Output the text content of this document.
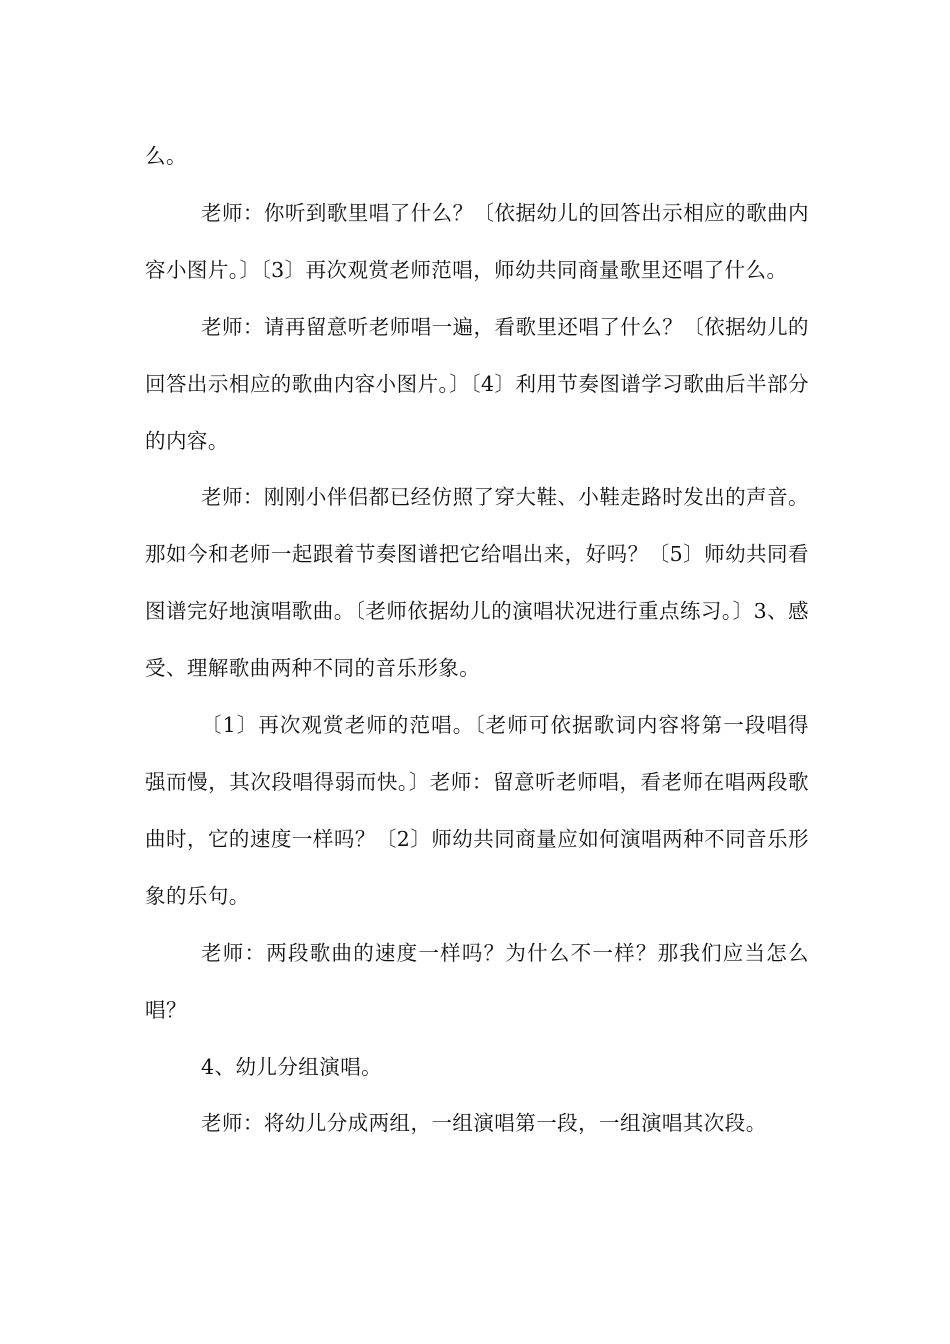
么。

老师：你听到歌里唱了什么？〔依据幼儿的回答出示相应的歌曲内容小图片。〕〔3〕再次观赏老师范唱，师幼共同商量歌里还唱了什么。

老师：请再留意听老师唱一遍，看歌里还唱了什么？〔依据幼儿的回答出示相应的歌曲内容小图片。〕〔4〕利用节奏图谱学习歌曲后半部分的内容。

老师：刚刚小伴侣都已经仿照了穿大鞋、小鞋走路时发出的声音。那如今和老师一起跟着节奏图谱把它给唱出来，好吗？〔5〕师幼共同看图谱完好地演唱歌曲。〔老师依据幼儿的演唱状况进行重点练习。〕3、感受、理解歌曲两种不同的音乐形象。

〔1〕再次观赏老师的范唱。〔老师可依据歌词内容将第一段唱得强而慢，其次段唱得弱而快。〕老师：留意听老师唱，看老师在唱两段歌曲时，它的速度一样吗？〔2〕师幼共同商量应如何演唱两种不同音乐形象的乐句。

老师：两段歌曲的速度一样吗？为什么不一样？那我们应当怎么唱？

4、幼儿分组演唱。

老师：将幼儿分成两组，一组演唱第一段，一组演唱其次段。
